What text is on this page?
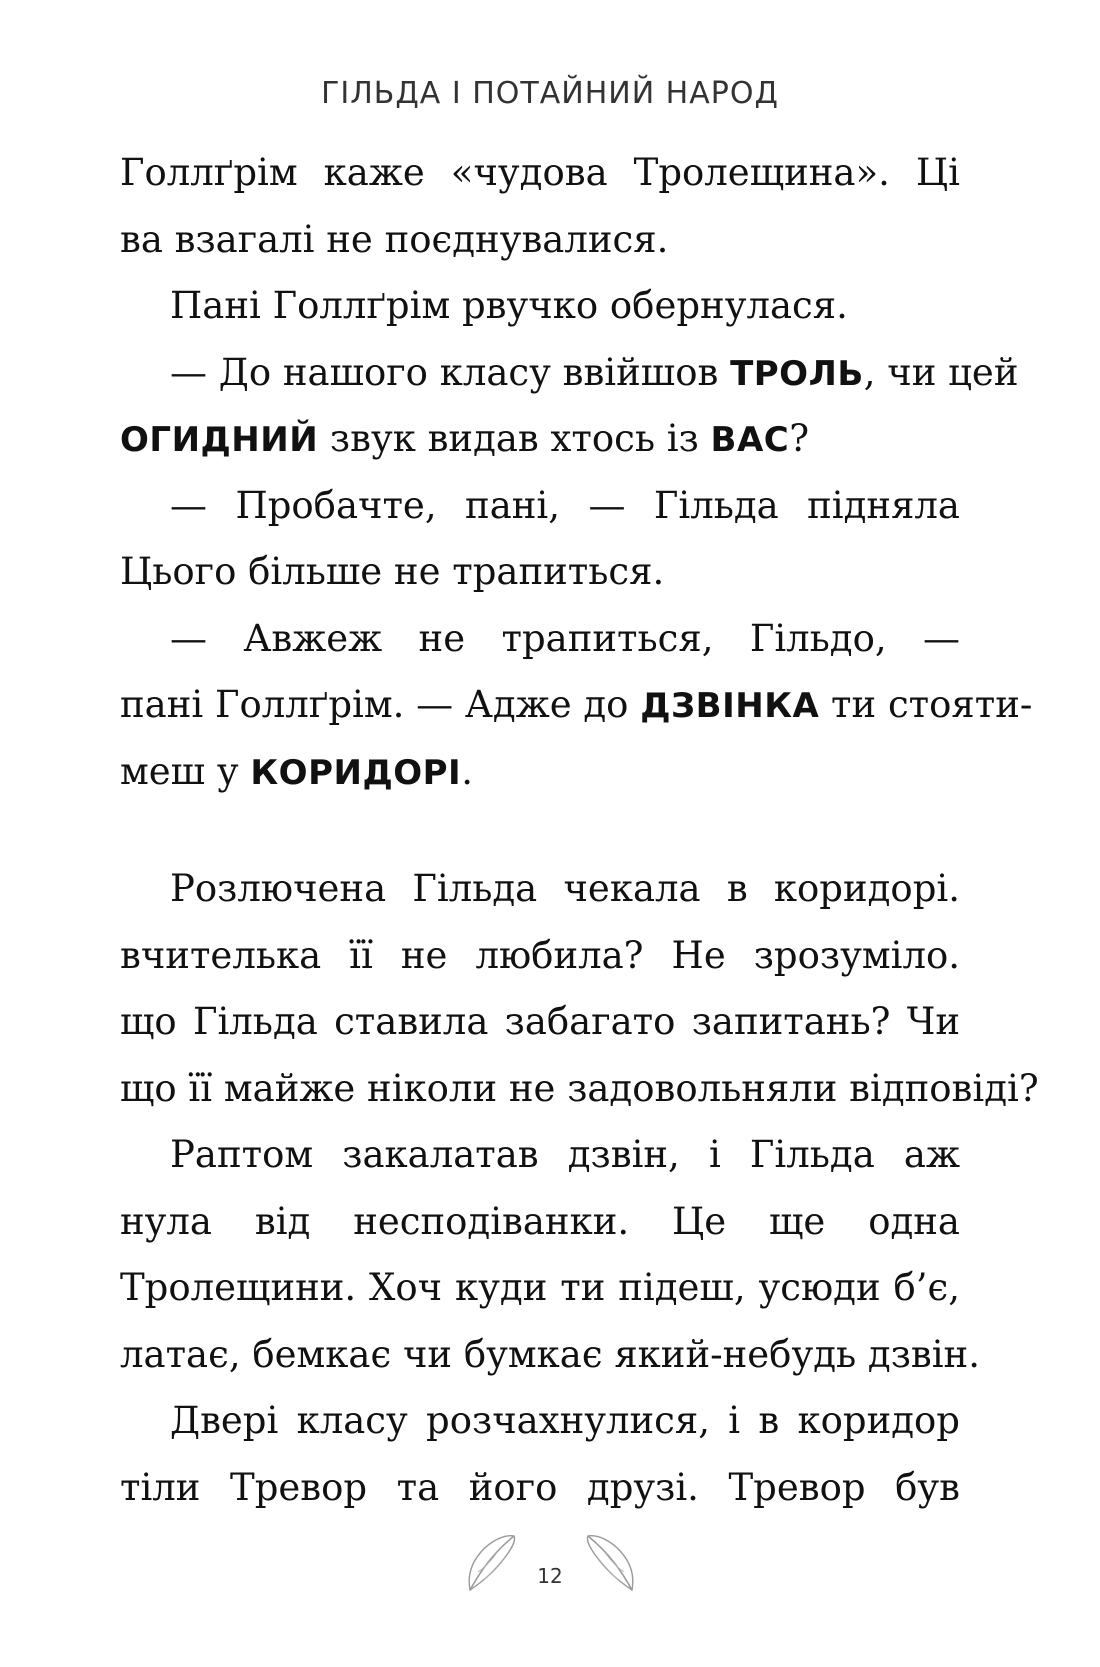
ГІЛЬДА І ПОТАЙНИЙ НАРОД
Голлґрім каже «чудова Тролещина». Ці
ва взагалі не поєднувалися.
Пані Голлґрім рвучко обернулася.
— До нашого класу ввійшов ТРОЛЬ, чи цей
ОГИДНИЙ звук видав хтось із ВАС?
— Пробачте, пані, — Гільда підняла
Цього більше не трапиться.
— Авжеж не трапиться, Гільдо, —
пані Голлґрім. — Адже до ДЗВІНКА ти стояти-
меш у КОРИДОРІ.
Розлючена Гільда чекала в коридорі.
вчителька її не любила? Не зрозуміло.
що Гільда ставила забагато запитань? Чи
що її майже ніколи не задовольняли відповіді?
Раптом закалатав дзвін, і Гільда аж
нула від несподіванки. Це ще одна
Тролещини. Хоч куди ти підеш, усюди б’є,
латає, бемкає чи бумкає який-небудь дзвін.
Двері класу розчахнулися, і в коридор
тіли Тревор та його друзі. Тревор був
12
